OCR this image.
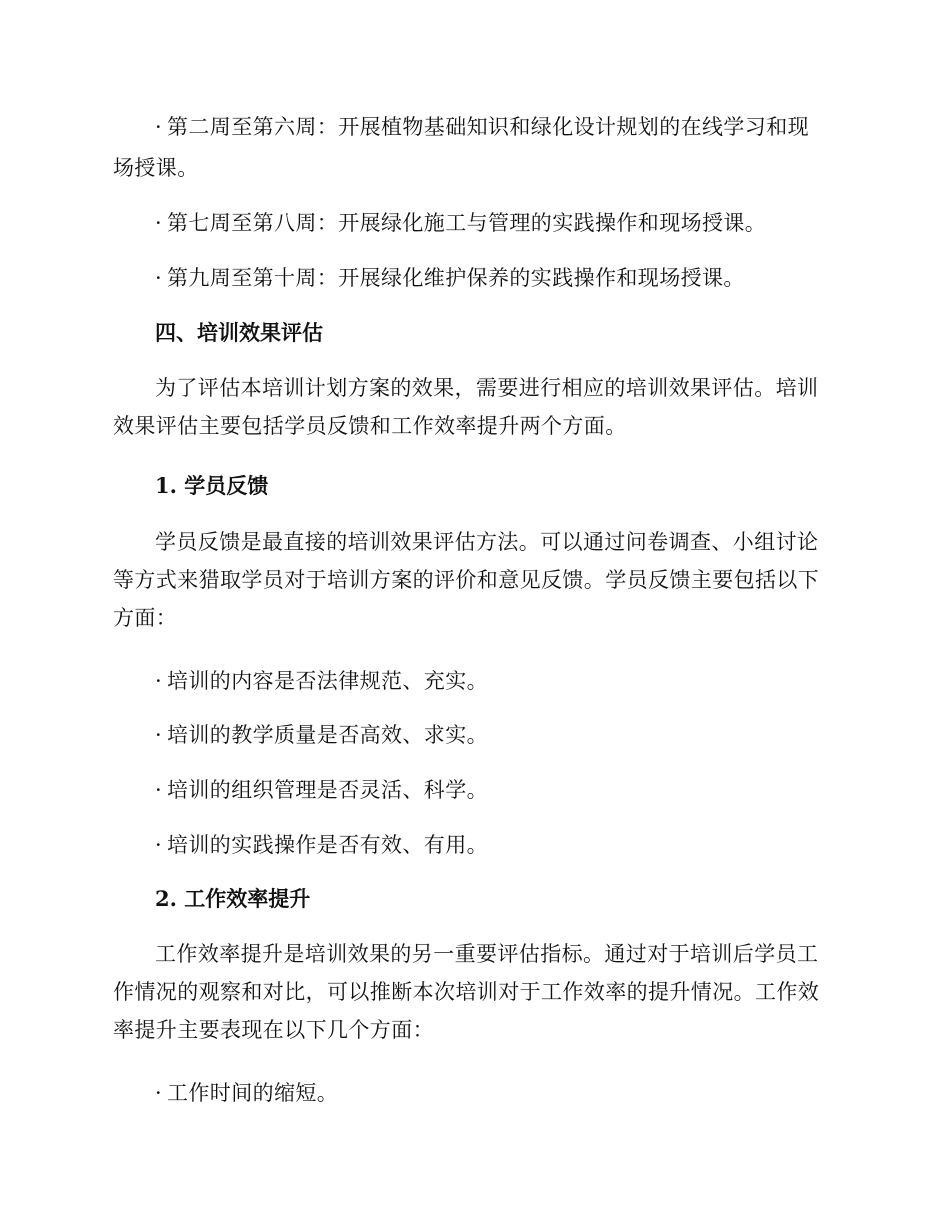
· 第二周至第六周：开展植物基础知识和绿化设计规划的在线学习和现

场授课。

· 第七周至第八周：开展绿化施工与管理的实践操作和现场授课。

· 第九周至第十周：开展绿化维护保养的实践操作和现场授课。

四、培训效果评估

为了评估本培训计划方案的效果，需要进行相应的培训效果评估。培训效果评估主要包括学员反馈和工作效率提升两个方面。

1. 学员反馈

学员反馈是最直接的培训效果评估方法。可以通过问卷调查、小组讨论等方式来猎取学员对于培训方案的评价和意见反馈。学员反馈主要包括以下方面：

· 培训的内容是否法律规范、充实。

· 培训的教学质量是否高效、求实。

· 培训的组织管理是否灵活、科学。

· 培训的实践操作是否有效、有用。

2. 工作效率提升

工作效率提升是培训效果的另一重要评估指标。通过对于培训后学员工作情况的观察和对比，可以推断本次培训对于工作效率的提升情况。工作效率提升主要表现在以下几个方面：

· 工作时间的缩短。
